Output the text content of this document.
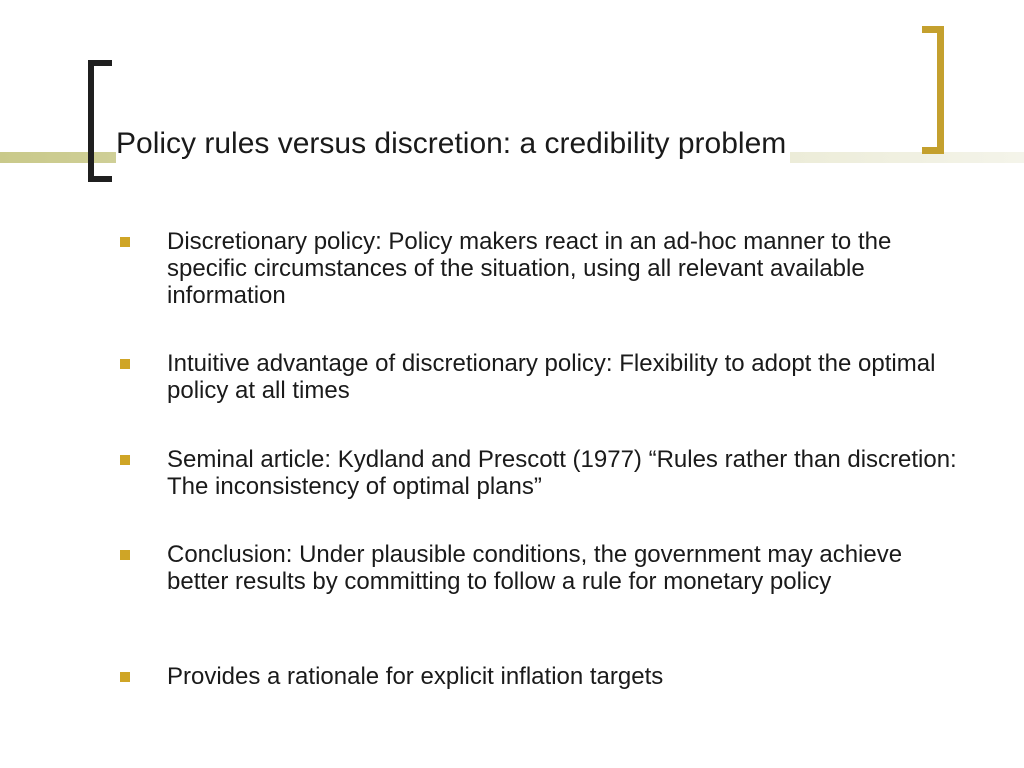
Policy rules versus discretion: a credibility problem
Discretionary policy: Policy makers react in an ad-hoc manner to the specific circumstances of the situation, using all relevant available information
Intuitive advantage of discretionary policy: Flexibility to adopt the optimal policy at all times
Seminal article: Kydland and Prescott (1977) “Rules rather than discretion: The inconsistency of optimal plans”
Conclusion: Under plausible conditions, the government may achieve better results by committing to follow a rule for monetary policy
Provides a rationale for explicit inflation targets
